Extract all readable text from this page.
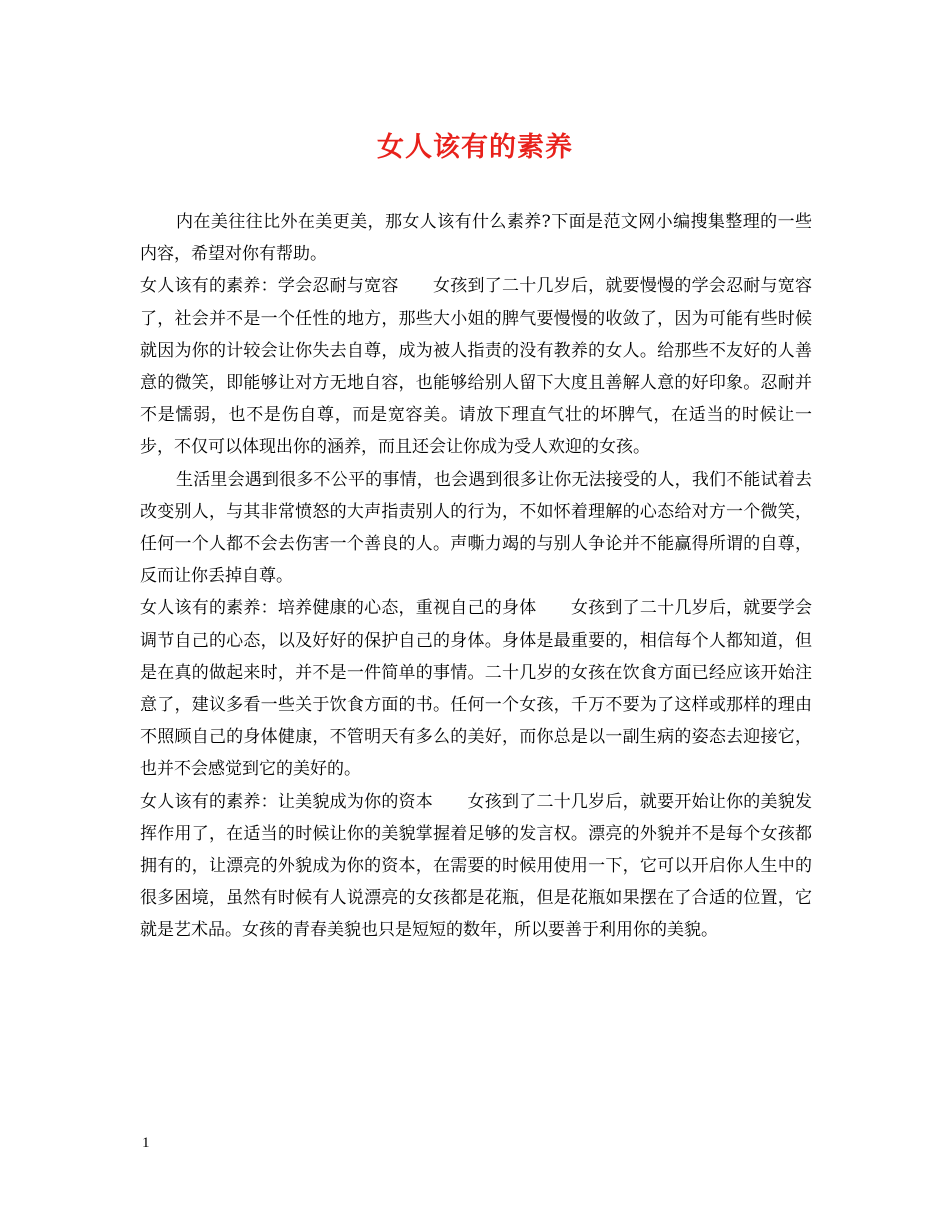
女人该有的素养

内在美往往比外在美更美，那女人该有什么素养?下面是范文网小编搜集整理的一些内容，希望对你有帮助。

女人该有的素养：学会忍耐与宽容　　 女孩到了二十几岁后，就要慢慢的学会忍耐与宽容了，社会并不是一个任性的地方，那些大小姐的脾气要慢慢的收敛了，因为可能有些时候就因为你的计较会让你失去自尊，成为被人指责的没有教养的女人。给那些不友好的人善意的微笑，即能够让对方无地自容，也能够给别人留下大度且善解人意的好印象。忍耐并不是懦弱，也不是伤自尊，而是宽容美。请放下理直气壮的坏脾气，在适当的时候让一步，不仅可以体现出你的涵养，而且还会让你成为受人欢迎的女孩。

生活里会遇到很多不公平的事情，也会遇到很多让你无法接受的人，我们不能试着去改变别人，与其非常愤怒的大声指责别人的行为，不如怀着理解的心态给对方一个微笑，任何一个人都不会去伤害一个善良的人。声嘶力竭的与别人争论并不能赢得所谓的自尊，反而让你丢掉自尊。

女人该有的素养：培养健康的心态，重视自己的身体　　 女孩到了二十几岁后，就要学会调节自己的心态，以及好好的保护自己的身体。身体是最重要的，相信每个人都知道，但是在真的做起来时，并不是一件简单的事情。二十几岁的女孩在饮食方面已经应该开始注意了，建议多看一些关于饮食方面的书。任何一个女孩，千万不要为了这样或那样的理由不照顾自己的身体健康，不管明天有多么的美好，而你总是以一副生病的姿态去迎接它，也并不会感觉到它的美好的。

女人该有的素养：让美貌成为你的资本　　 女孩到了二十几岁后，就要开始让你的美貌发挥作用了，在适当的时候让你的美貌掌握着足够的发言权。漂亮的外貌并不是每个女孩都拥有的，让漂亮的外貌成为你的资本，在需要的时候用使用一下，它可以开启你人生中的很多困境，虽然有时候有人说漂亮的女孩都是花瓶，但是花瓶如果摆在了合适的位置，它就是艺术品。女孩的青春美貌也只是短短的数年，所以要善于利用你的美貌。

1
